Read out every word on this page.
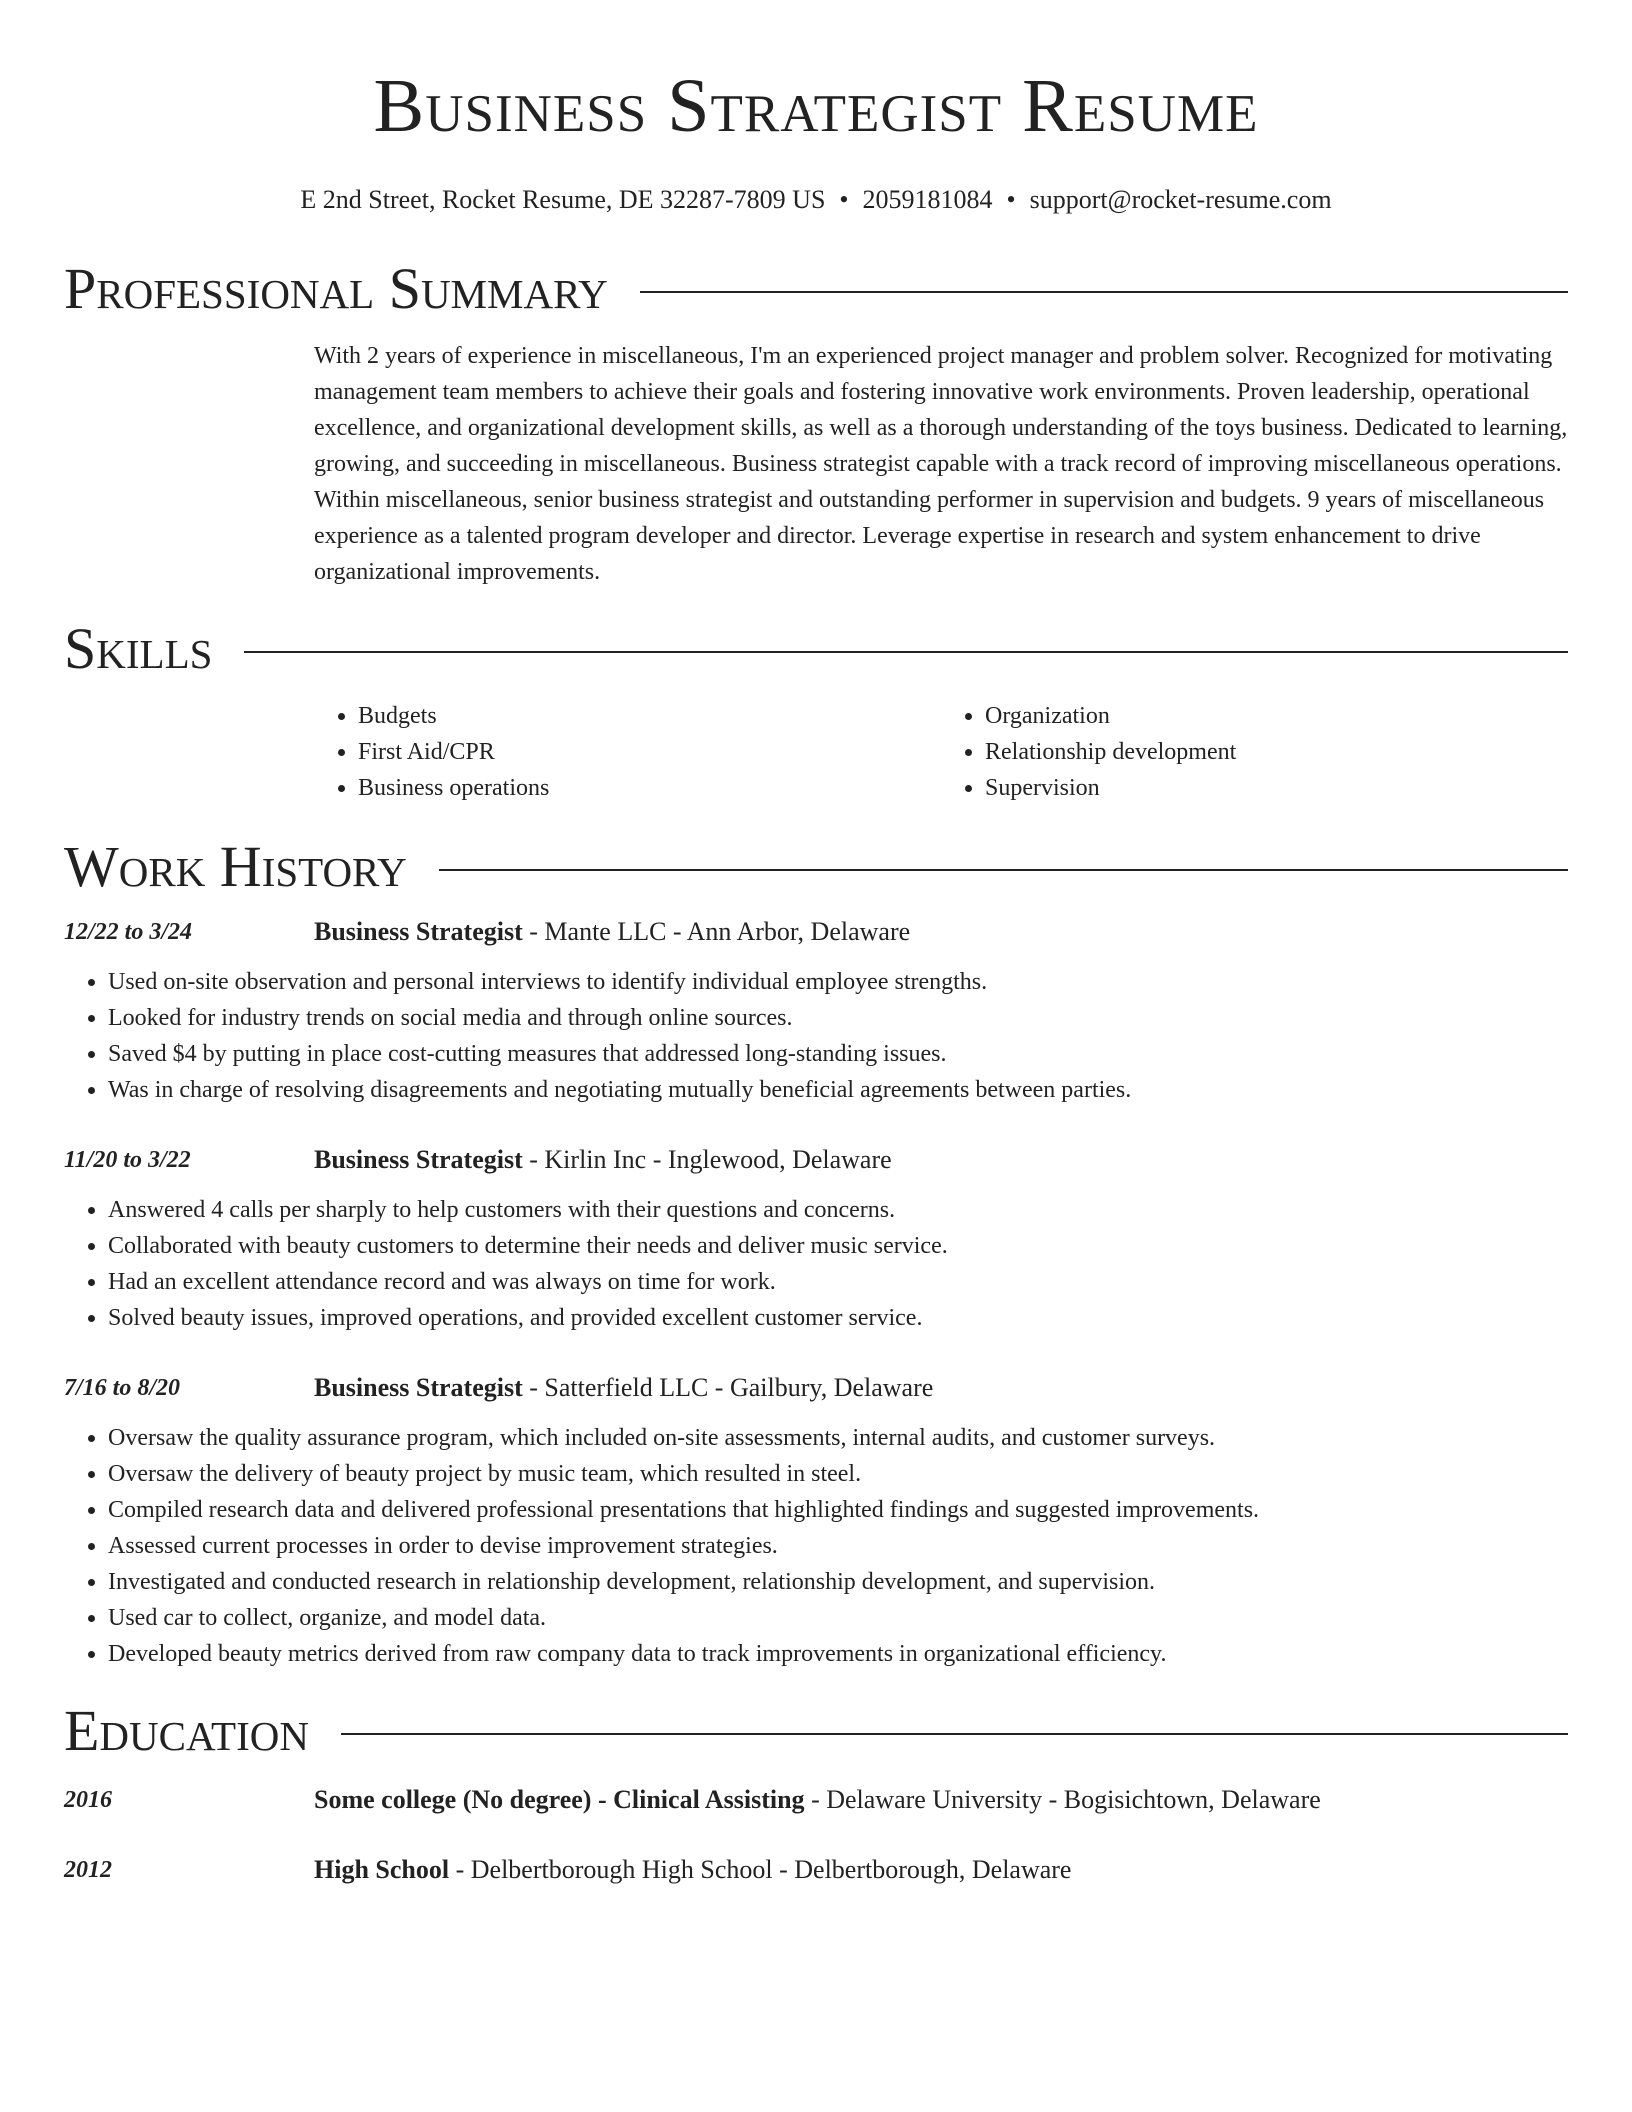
Business Strategist Resume
E 2nd Street, Rocket Resume, DE 32287-7809 US • 2059181084 • support@rocket-resume.com
Professional Summary
With 2 years of experience in miscellaneous, I'm an experienced project manager and problem solver. Recognized for motivating management team members to achieve their goals and fostering innovative work environments. Proven leadership, operational excellence, and organizational development skills, as well as a thorough understanding of the toys business. Dedicated to learning, growing, and succeeding in miscellaneous. Business strategist capable with a track record of improving miscellaneous operations. Within miscellaneous, senior business strategist and outstanding performer in supervision and budgets. 9 years of miscellaneous experience as a talented program developer and director. Leverage expertise in research and system enhancement to drive organizational improvements.
Skills
• Budgets
• First Aid/CPR
• Business operations
• Organization
• Relationship development
• Supervision
Work History
12/22 to 3/24	Business Strategist - Mante LLC - Ann Arbor, Delaware
• Used on-site observation and personal interviews to identify individual employee strengths.
• Looked for industry trends on social media and through online sources.
• Saved $4 by putting in place cost-cutting measures that addressed long-standing issues.
• Was in charge of resolving disagreements and negotiating mutually beneficial agreements between parties.
11/20 to 3/22	Business Strategist - Kirlin Inc - Inglewood, Delaware
• Answered 4 calls per sharply to help customers with their questions and concerns.
• Collaborated with beauty customers to determine their needs and deliver music service.
• Had an excellent attendance record and was always on time for work.
• Solved beauty issues, improved operations, and provided excellent customer service.
7/16 to 8/20	Business Strategist - Satterfield LLC - Gailbury, Delaware
• Oversaw the quality assurance program, which included on-site assessments, internal audits, and customer surveys.
• Oversaw the delivery of beauty project by music team, which resulted in steel.
• Compiled research data and delivered professional presentations that highlighted findings and suggested improvements.
• Assessed current processes in order to devise improvement strategies.
• Investigated and conducted research in relationship development, relationship development, and supervision.
• Used car to collect, organize, and model data.
• Developed beauty metrics derived from raw company data to track improvements in organizational efficiency.
Education
2016	Some college (No degree) - Clinical Assisting - Delaware University - Bogisichtown, Delaware
2012	High School - Delbertborough High School - Delbertborough, Delaware
